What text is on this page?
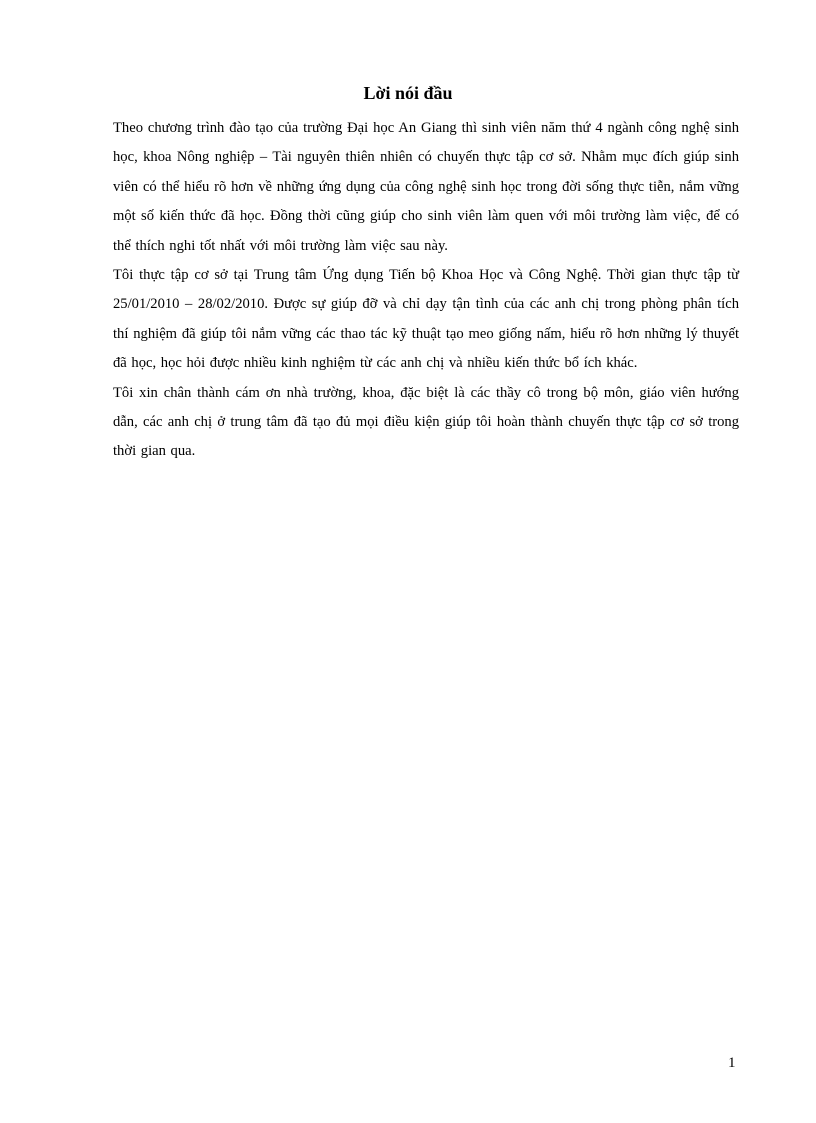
Lời nói đầu

Theo chương trình đào tạo của trường Đại học An Giang thì sinh viên năm thứ 4 ngành công nghệ sinh học, khoa Nông nghiệp – Tài nguyên thiên nhiên có chuyến thực tập cơ sở. Nhằm mục đích giúp sinh viên có thể hiểu rõ hơn về những ứng dụng của công nghệ sinh học trong đời sống thực tiễn, nắm vững một số kiến thức đã học. Đồng thời cũng giúp cho sinh viên làm quen với môi trường làm việc, để có thể thích nghi tốt nhất với môi trường làm việc sau này.

Tôi thực tập cơ sở tại Trung tâm Ứng dụng Tiến bộ Khoa Học và Công Nghệ. Thời gian thực tập từ 25/01/2010 – 28/02/2010. Được sự giúp đỡ và chỉ dạy tận tình của các anh chị trong phòng phân tích thí nghiệm đã giúp tôi nắm vững các thao tác kỹ thuật tạo meo giống nấm, hiểu rõ hơn những lý thuyết đã học, học hỏi được nhiều kinh nghiệm từ các anh chị và nhiều kiến thức bổ ích khác.

Tôi xin chân thành cám ơn nhà trường, khoa, đặc biệt là các thầy cô trong bộ môn, giáo viên hướng dẫn, các anh chị ở trung tâm đã tạo đủ mọi điều kiện giúp tôi hoàn thành chuyến thực tập cơ sở trong thời gian qua.

1
